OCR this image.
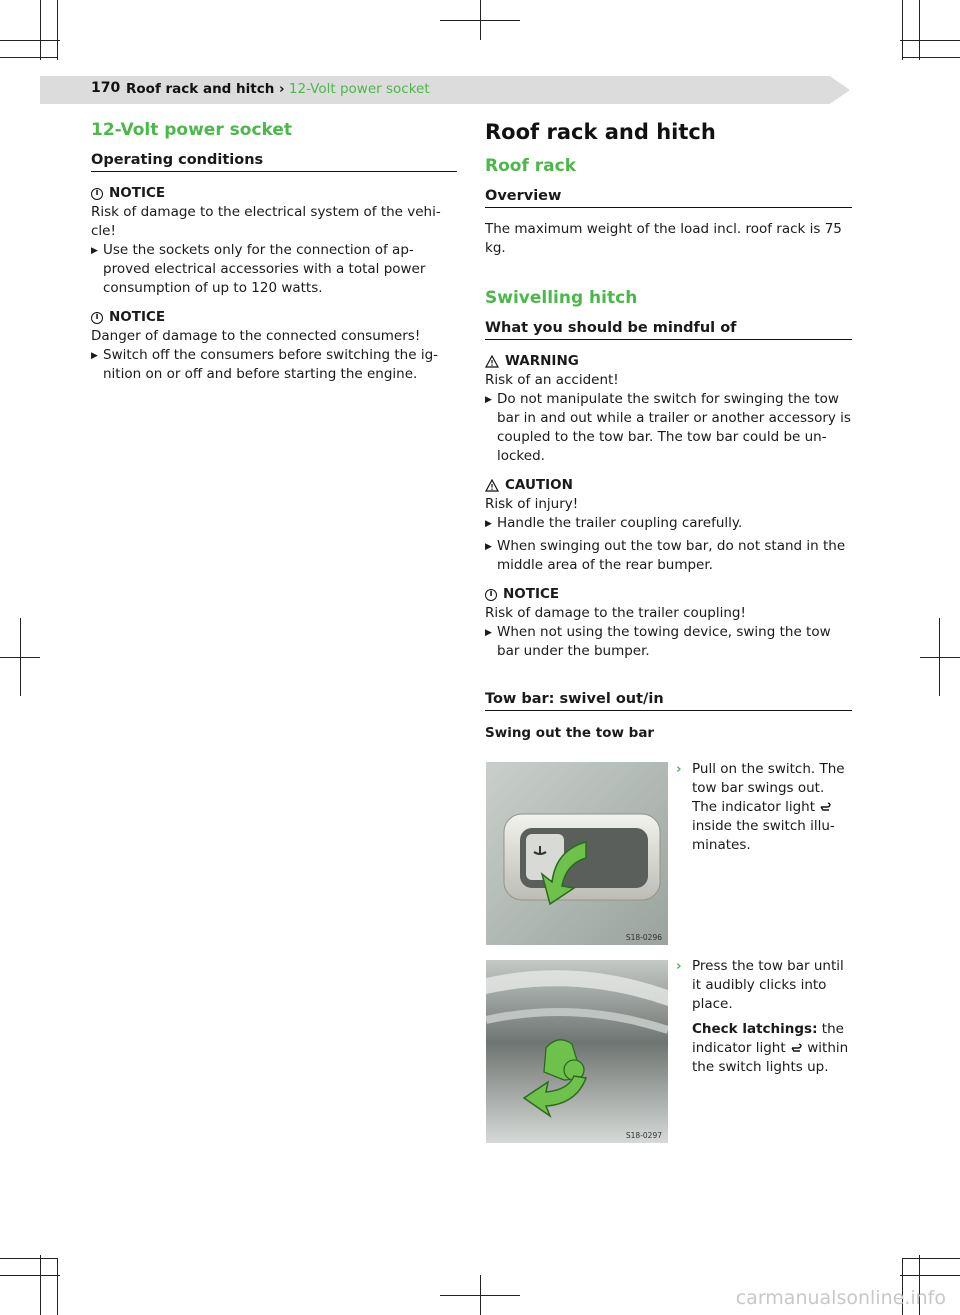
170 Roof rack and hitch › 12-Volt power socket
12-Volt power socket
Operating conditions
i NOTICE
Risk of damage to the electrical system of the vehi-cle!
▶ Use the sockets only for the connection of ap-proved electrical accessories with a total power consumption of up to 120 watts.
i NOTICE
Danger of damage to the connected consumers!
▶ Switch off the consumers before switching the ig-nition on or off and before starting the engine.
Roof rack and hitch
Roof rack
Overview
The maximum weight of the load incl. roof rack is 75 kg.
Swivelling hitch
What you should be mindful of
WARNING
Risk of an accident!
▶ Do not manipulate the switch for swinging the tow bar in and out while a trailer or another accessory is coupled to the tow bar. The tow bar could be un-locked.
CAUTION
Risk of injury!
▶ Handle the trailer coupling carefully.
▶ When swinging out the tow bar, do not stand in the middle area of the rear bumper.
i NOTICE
Risk of damage to the trailer coupling!
▶ When not using the towing device, swing the tow bar under the bumper.
Tow bar: swivel out/in
Swing out the tow bar
S18-0296
› Pull on the switch. The tow bar swings out. The indicator light  inside the switch illu-minates.
S18-0297
› Press the tow bar until it audibly clicks into place.
Check latchings: the indicator light within the switch lights up.
carmanualsonline.info
